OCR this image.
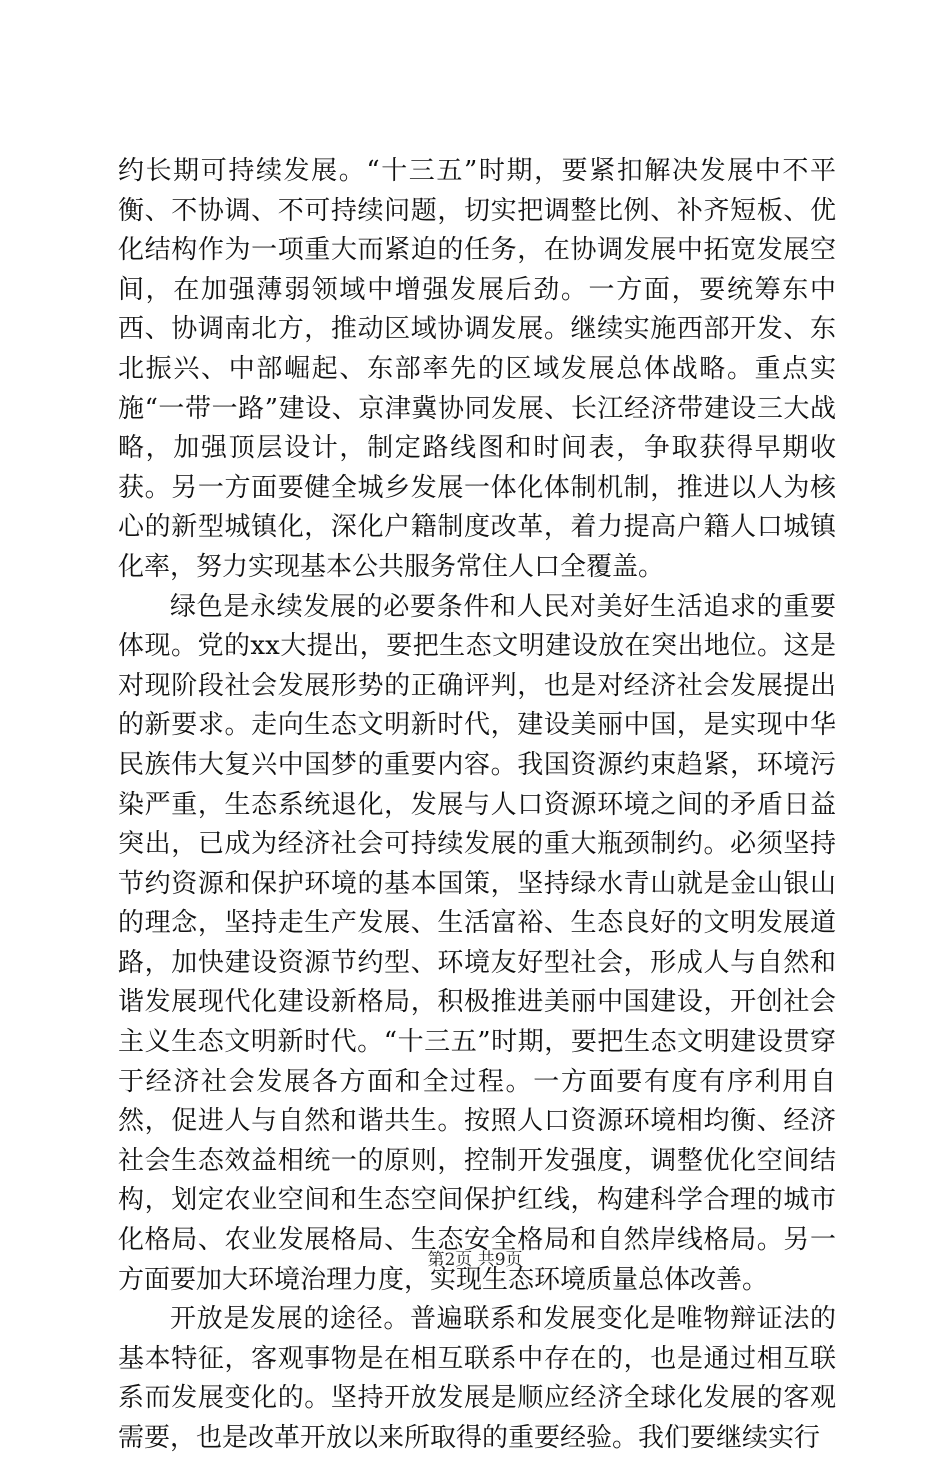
约长期可持续发展。“十三五”时期，要紧扣解决发展中不平衡、不协调、不可持续问题，切实把调整比例、补齐短板、优化结构作为一项重大而紧迫的任务，在协调发展中拓宽发展空间，在加强薄弱领域中增强发展后劲。一方面，要统筹东中西、协调南北方，推动区域协调发展。继续实施西部开发、东北振兴、中部崛起、东部率先的区域发展总体战略。重点实施“一带一路”建设、京津冀协同发展、长江经济带建设三大战略，加强顶层设计，制定路线图和时间表，争取获得早期收获。另一方面要健全城乡发展一体化体制机制，推进以人为核心的新型城镇化，深化户籍制度改革，着力提高户籍人口城镇化率，努力实现基本公共服务常住人口全覆盖。

绿色是永续发展的必要条件和人民对美好生活追求的重要体现。党的xx大提出，要把生态文明建设放在突出地位。这是对现阶段社会发展形势的正确评判，也是对经济社会发展提出的新要求。走向生态文明新时代，建设美丽中国，是实现中华民族伟大复兴中国梦的重要内容。我国资源约束趋紧，环境污染严重，生态系统退化，发展与人口资源环境之间的矛盾日益突出，已成为经济社会可持续发展的重大瓶颈制约。必须坚持节约资源和保护环境的基本国策，坚持绿水青山就是金山银山的理念，坚持走生产发展、生活富裕、生态良好的文明发展道路，加快建设资源节约型、环境友好型社会，形成人与自然和谐发展现代化建设新格局，积极推进美丽中国建设，开创社会主义生态文明新时代。“十三五”时期，要把生态文明建设贯穿于经济社会发展各方面和全过程。一方面要有度有序利用自然，促进人与自然和谐共生。按照人口资源环境相均衡、经济社会生态效益相统一的原则，控制开发强度，调整优化空间结构，划定农业空间和生态空间保护红线，构建科学合理的城市化格局、农业发展格局、生态安全格局和自然岸线格局。另一方面要加大环境治理力度，实现生态环境质量总体改善。

开放是发展的途径。普遍联系和发展变化是唯物辩证法的基本特征，客观事物是在相互联系中存在的，也是通过相互联系而发展变化的。坚持开放发展是顺应经济全球化发展的客观需要，也是改革开放以来所取得的重要经验。我们要继续实行

第2页 共9页
